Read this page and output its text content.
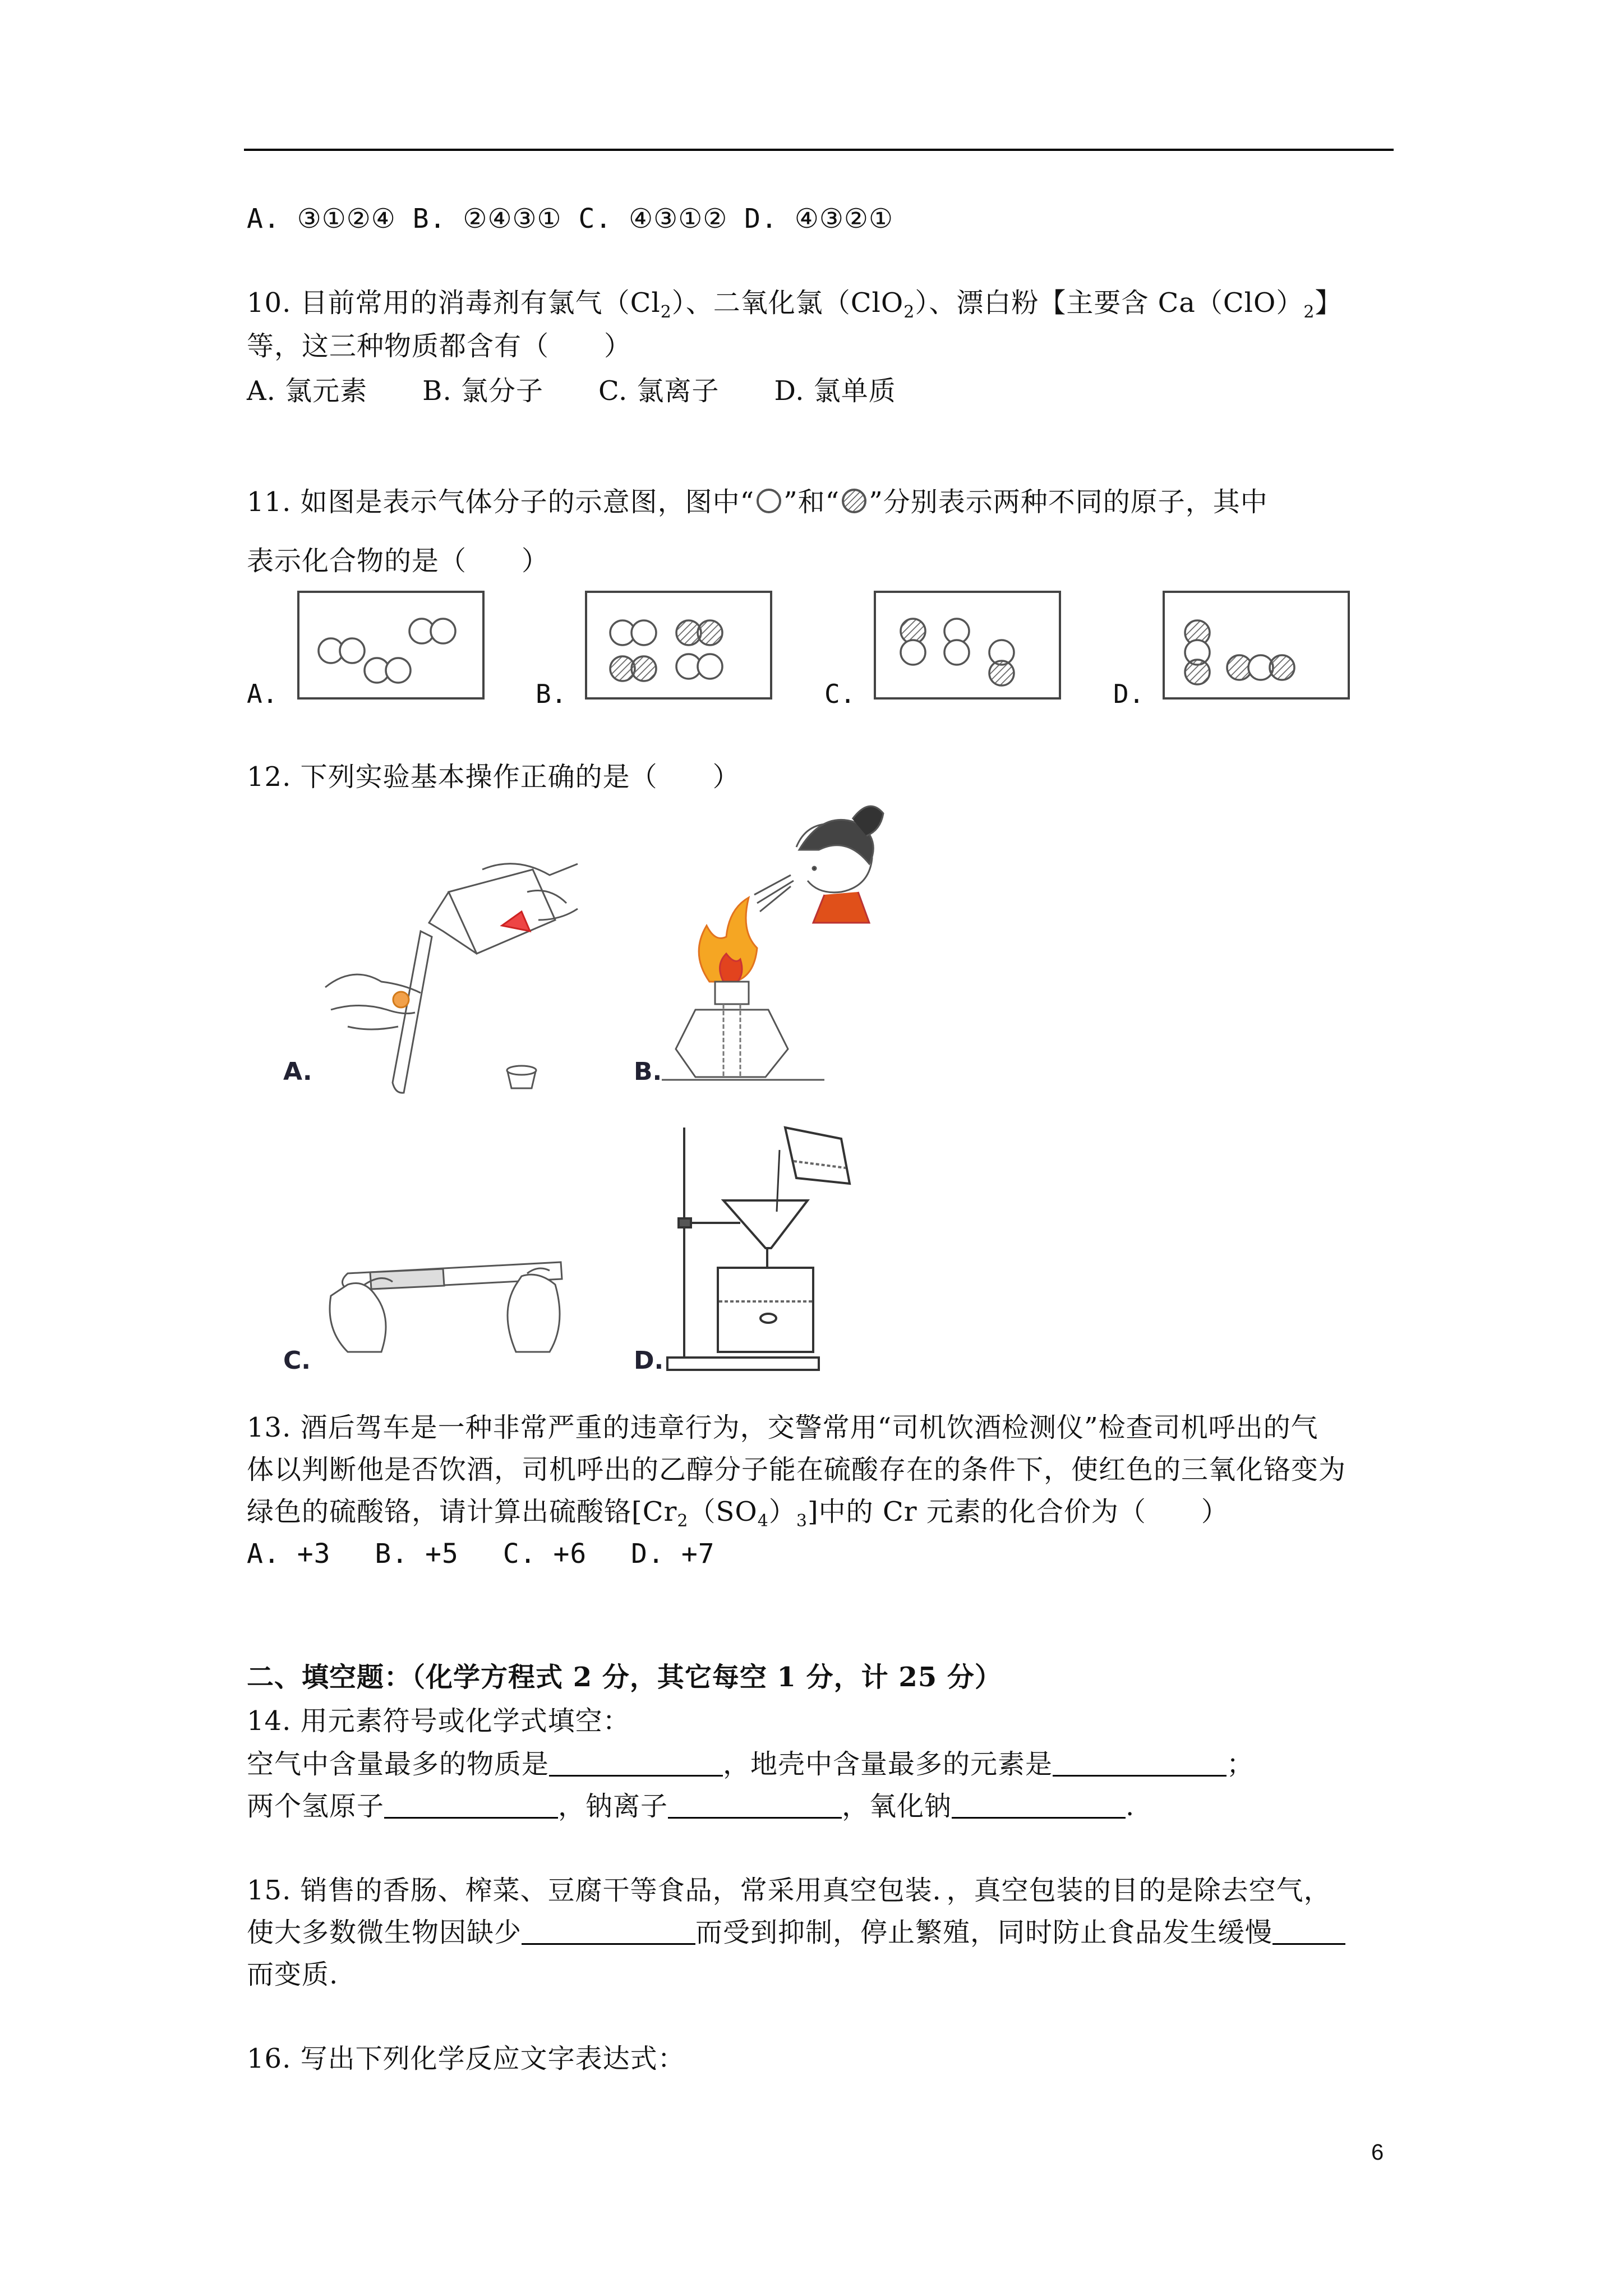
A. ③①②④ B. ②④③① C. ④③①② D. ④③②①
10. 目前常用的消毒剂有氯气$(Cl_2)$、二氧化氯（ClO$_2$）、漂白粉【主要含 $Ca(ClO)_2$】
等，这三种物质都含有（　　）
A. 氯元素　　B. 氯分子　　C. 氯离子　　D. 氯单质
11. 如图是表示气体分子的示意图，图中“ ”和“ ”分别表示两种不同的原子，其中
表示化合物的是（　　）
A.	B.	C.	D.
12. 下列实验基本操作正确的是（　　）
A.	B.
C.	D.
13. 酒后驾车是一种非常严重的违章行为，交警常用“司机饮酒检测仪”检查司机呼出的气
体以判断他是否饮酒，司机呼出的乙醇分子能在硫酸存在的条件下，使红色的三氧化铬变为
绿色的硫酸铬，请计算出硫酸铬$[Cr_2(SO_4)_3]$中的 Cr 元素的化合价为（　　）
A. +3　 B. +5　 C. +6　 D. +7
二、填空题：（化学方程式 2 分，其它每空 1 分，计 25 分）
14. 用元素符号或化学式填空：
空气中含量最多的物质是	，地壳中含量最多的元素是	；
两个氢原子	，钠离子	，氧化钠	.
15. 销售的香肠、榨菜、豆腐干等食品，常采用真空包装．，真空包装的目的是除去空气，
使大多数微生物因缺少	而受到抑制，停止繁殖，同时防止食品发生缓慢
而变质.
16. 写出下列化学反应文字表达式：
6
